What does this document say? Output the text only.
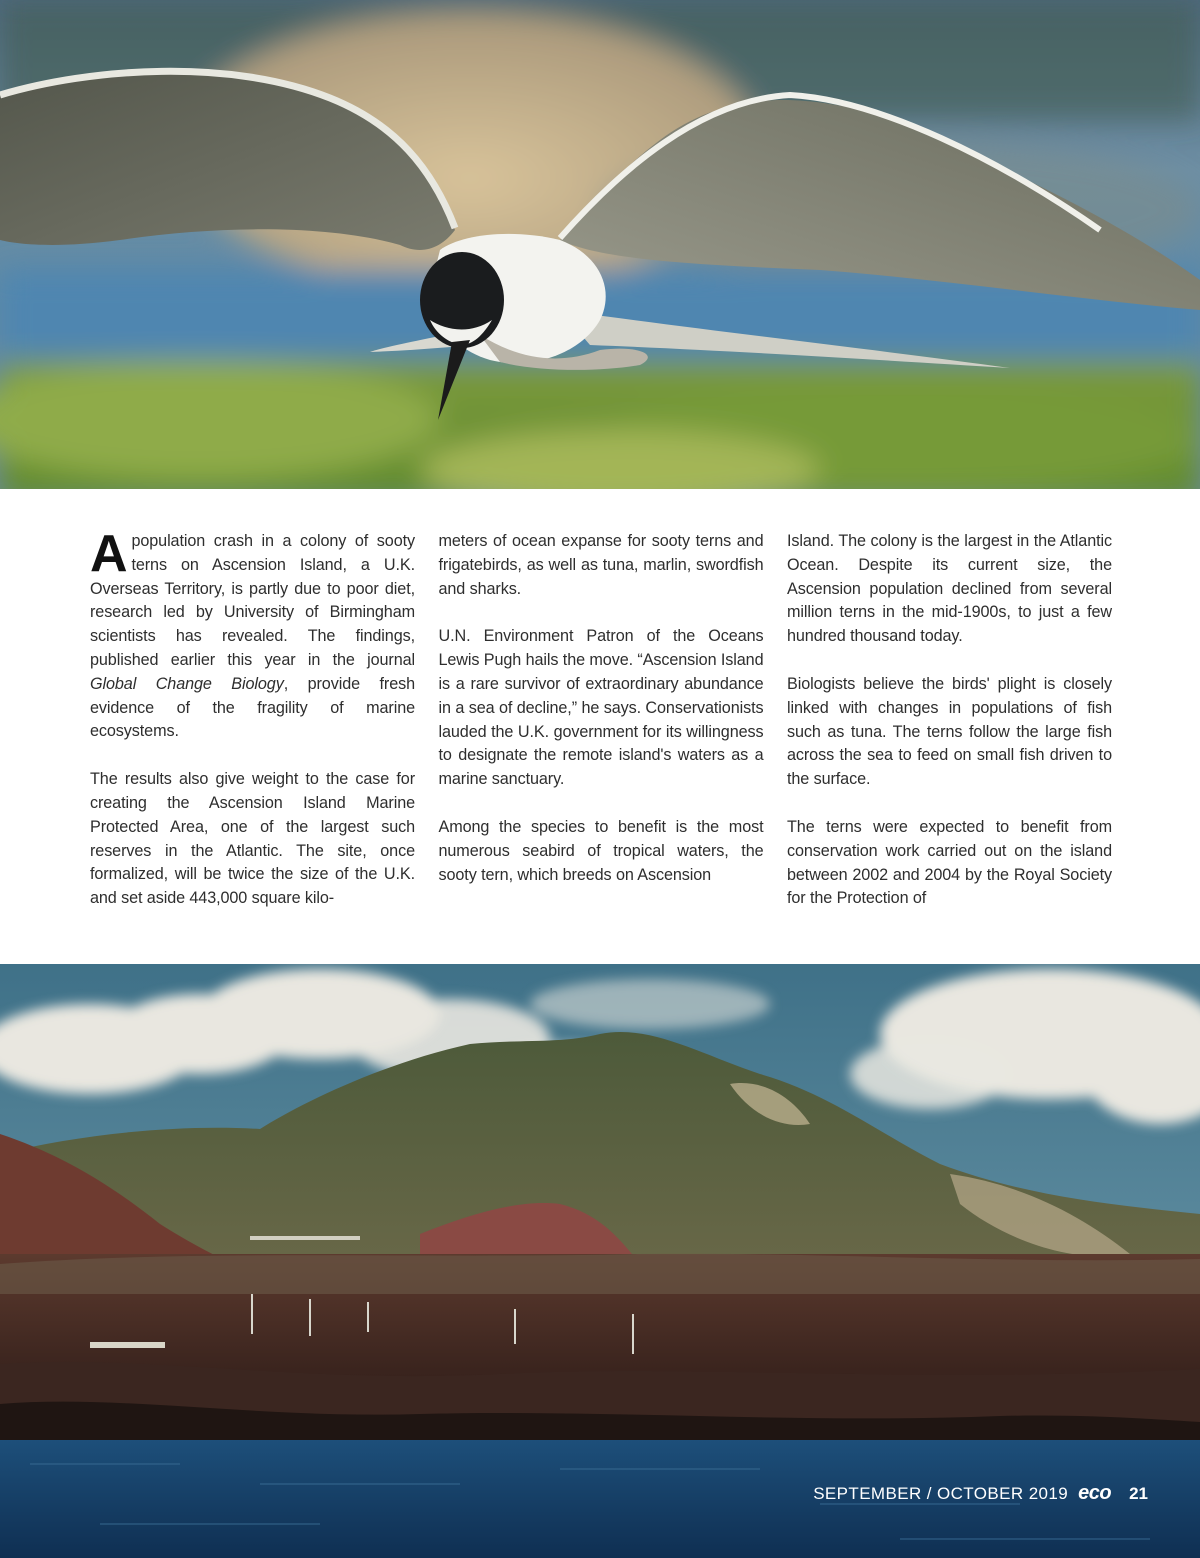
Apopulation crash in a colony of sooty terns on Ascension Island, a U.K. Overseas Territory, is partly due to poor diet, research led by University of Birmingham scientists has revealed. The findings, published earlier this year in the journal Global Change Biology, provide fresh evidence of the fragility of marine ecosystems.

The results also give weight to the case for creating the Ascension Island Marine Protected Area, one of the largest such reserves in the Atlantic. The site, once formalized, will be twice the size of the U.K. and set aside 443,000 square kilo-

meters of ocean expanse for sooty terns and frigatebirds, as well as tuna, marlin, swordfish and sharks.

U.N. Environment Patron of the Oceans Lewis Pugh hails the move. “Ascension Island is a rare survivor of extraordinary abundance in a sea of decline,” he says. Conservationists lauded the U.K. government for its willingness to designate the remote island's waters as a marine sanctuary.

Among the species to benefit is the most numerous seabird of tropical waters, the sooty tern, which breeds on Ascension

Island. The colony is the largest in the Atlantic Ocean. Despite its current size, the Ascension population declined from several million terns in the mid-1900s, to just a few hundred thousand today.

Biologists believe the birds' plight is closely linked with changes in populations of fish such as tuna. The terns follow the large fish across the sea to feed on small fish driven to the surface.

The terns were expected to benefit from conservation work carried out on the island between 2002 and 2004 by the Royal Society for the Protection of

SEPTEMBER / OCTOBER 2019 eco 21
